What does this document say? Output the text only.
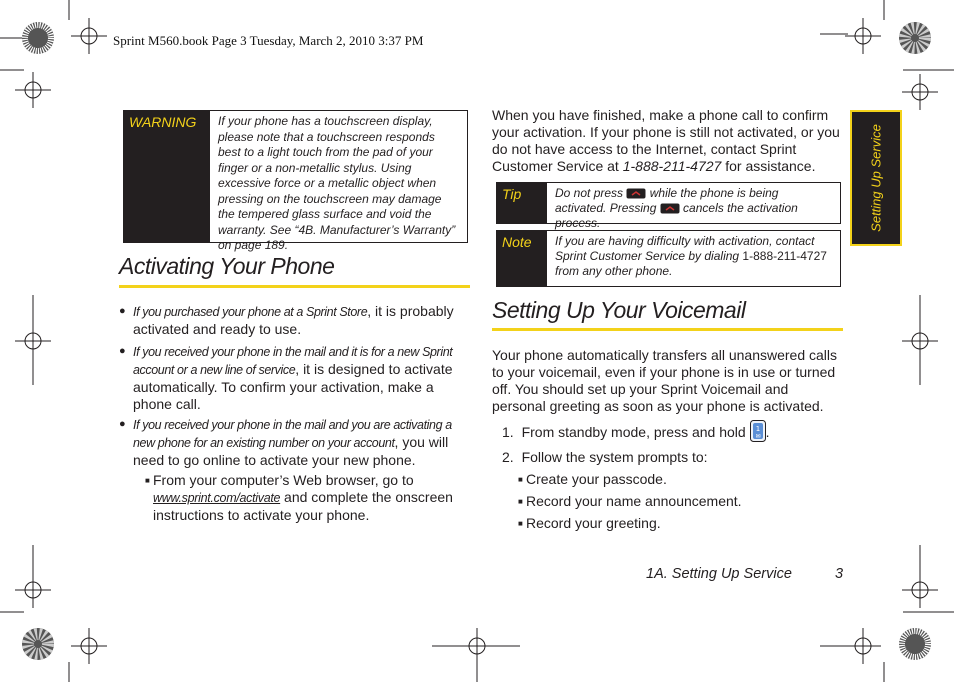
Sprint M560.book Page 3 Tuesday, March 2, 2010 3:37 PM
WARNING	If your phone has a touchscreen display, please note that a touchscreen responds best to a light touch from the pad of your finger or a non-metallic stylus. Using excessive force or a metallic object when pressing on the touchscreen may damage the tempered glass surface and void the warranty. See “4B. Manufacturer’s Warranty” on page 189.
Activating Your Phone
● If you purchased your phone at a Sprint Store, it is probably activated and ready to use.
● If you received your phone in the mail and it is for a new Sprint account or a new line of service, it is designed to activate automatically. To confirm your activation, make a phone call.
● If you received your phone in the mail and you are activating a new phone for an existing number on your account, you will need to go online to activate your new phone.
■ From your computer’s Web browser, go to www.sprint.com/activate and complete the onscreen instructions to activate your phone.
When you have finished, make a phone call to confirm your activation. If your phone is still not activated, or you do not have access to the Internet, contact Sprint Customer Service at 1-888-211-4727 for assistance.
Tip	Do not press  while the phone is being activated. Pressing  cancels the activation process.
Note	If you are having difficulty with activation, contact Sprint Customer Service by dialing 1-888-211-4727 from any other phone.
Setting Up Your Voicemail
Your phone automatically transfers all unanswered calls to your voicemail, even if your phone is in use or turned off. You should set up your Sprint Voicemail and personal greeting as soon as your phone is activated.
1. From standby mode, press and hold 1
✉ .
2. Follow the system prompts to:
■ Create your passcode.
■ Record your name announcement.
■ Record your greeting.
Setting Up Service
1A. Setting Up Service	3
